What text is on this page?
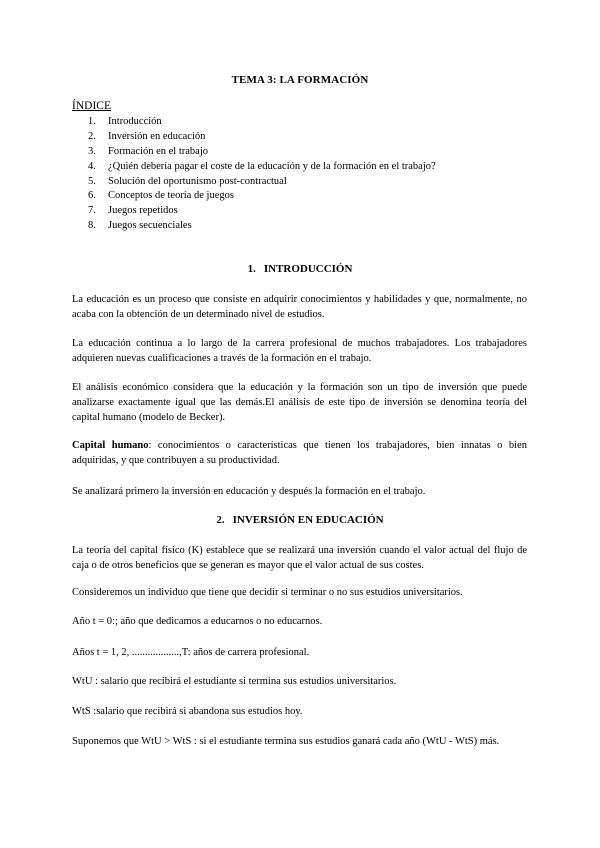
TEMA 3: LA FORMACIÓN
ÍNDICE
1. Introducción
2. Inversión en educación
3. Formación en el trabajo
4. ¿Quién debería pagar el coste de la educación y de la formación en el trabajo?
5. Solución del oportunismo post-contractual
6. Conceptos de teoría de juegos
7. Juegos repetidos
8. Juegos secuenciales
1. INTRODUCCIÓN
La educación es un proceso que consiste en adquirir conocimientos y habilidades y que, normalmente, no acaba con la obtención de un determinado nivel de estudios.
La educación continua a lo largo de la carrera profesional de muchos trabajadores. Los trabajadores adquieren nuevas cualificaciones a través de la formación en el trabajo.
El análisis económico considera que la educación y la formación son un tipo de inversión que puede analizarse exactamente igual que las demás.El análisis de este tipo de inversión se denomina teoría del capital humano (modelo de Becker).
Capital humano: conocimientos o características que tienen los trabajadores, bien innatas o bien adquiridas, y que contribuyen a su productividad.
Se analizará primero la inversión en educación y después la formación en el trabajo.
2. INVERSIÓN EN EDUCACIÓN
La teoría del capital físico (K) establece que se realizará una inversión cuando el valor actual del flujo de caja o de otros beneficios que se generan es mayor que el valor actual de sus costes.
Consideremos un individuo que tiene que decidir si terminar o no sus estudios universitarios.
Año t = 0:; año que dedicamos a educarnos o no educarnos.
Años t = 1, 2, ..................,T: años de carrera profesional.
WtU : salario que recibirá el estudiante si termina sus estudios universitarios.
WtS :salario que recibirá si abandona sus estudios hoy.
Suponemos que WtU > WtS : si el estudiante termina sus estudios ganará cada año (WtU - WtS) más.
